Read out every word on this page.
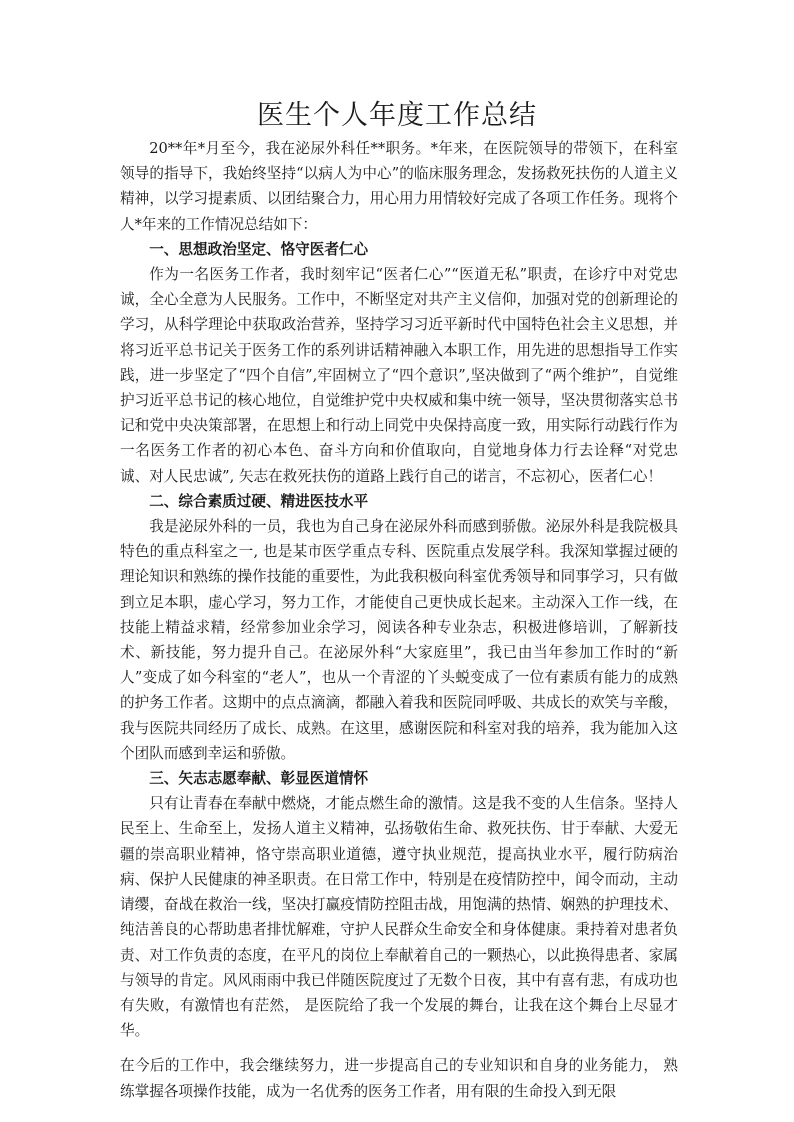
医生个人年度工作总结

20**年*月至今，我在泌尿外科任**职务。*年来，在医院领导的带领下，在科室领导的指导下，我始终坚持“以病人为中心”的临床服务理念，发扬救死扶伤的人道主义精神，以学习提素质、以团结聚合力，用心用力用情较好完成了各项工作任务。现将个人*年来的工作情况总结如下：

一、思想政治坚定、恪守医者仁心

作为一名医务工作者，我时刻牢记“医者仁心”“医道无私”职责，在诊疗中对党忠诚，全心全意为人民服务。工作中，不断坚定对共产主义信仰，加强对党的创新理论的学习，从科学理论中获取政治营养，坚持学习习近平新时代中国特色社会主义思想，并将习近平总书记关于医务工作的系列讲话精神融入本职工作，用先进的思想指导工作实践，进一步坚定了“四个自信”,牢固树立了“四个意识”,坚决做到了“两个维护”，自觉维护习近平总书记的核心地位，自觉维护党中央权威和集中统一领导，坚决贯彻落实总书记和党中央决策部署，在思想上和行动上同党中央保持高度一致，用实际行动践行作为一名医务工作者的初心本色、奋斗方向和价值取向，自觉地身体力行去诠释“对党忠诚、对人民忠诚”, 矢志在救死扶伤的道路上践行自己的诺言，不忘初心，医者仁心！

二、综合素质过硬、精进医技水平

我是泌尿外科的一员，我也为自己身在泌尿外科而感到骄傲。泌尿外科是我院极具特色的重点科室之一, 也是某市医学重点专科、医院重点发展学科。我深知掌握过硬的理论知识和熟练的操作技能的重要性，为此我积极向科室优秀领导和同事学习，只有做到立足本职，虚心学习，努力工作，才能使自己更快成长起来。主动深入工作一线，在技能上精益求精，经常参加业余学习，阅读各种专业杂志，积极进修培训，了解新技术、新技能，努力提升自己。在泌尿外科“大家庭里”，我已由当年参加工作时的“新人”变成了如今科室的“老人”，也从一个青涩的丫头蜕变成了一位有素质有能力的成熟的护务工作者。这期中的点点滴滴，都融入着我和医院同呼吸、共成长的欢笑与辛酸，我与医院共同经历了成长、成熟。在这里，感谢医院和科室对我的培养，我为能加入这个团队而感到幸运和骄傲。

三、矢志志愿奉献、彰显医道情怀

只有让青春在奉献中燃烧，才能点燃生命的激情。这是我不变的人生信条。坚持人民至上、生命至上，发扬人道主义精神，弘扬敬佑生命、救死扶伤、甘于奉献、大爱无疆的崇高职业精神，恪守崇高职业道德，遵守执业规范，提高执业水平，履行防病治病、保护人民健康的神圣职责。在日常工作中，特别是在疫情防控中，闻令而动，主动请缨，奋战在救治一线，坚决打赢疫情防控阻击战，用饱满的热情、娴熟的护理技术、纯洁善良的心帮助患者排忧解难，守护人民群众生命安全和身体健康。秉持着对患者负责、对工作负责的态度，在平凡的岗位上奉献着自己的一颗热心，以此换得患者、家属与领导的肯定。风风雨雨中我已伴随医院度过了无数个日夜，其中有喜有悲，有成功也有失败，有激情也有茫然， 是医院给了我一个发展的舞台，让我在这个舞台上尽显才华。

在今后的工作中，我会继续努力，进一步提高自己的专业知识和自身的业务能力， 熟练掌握各项操作技能，成为一名优秀的医务工作者，用有限的生命投入到无限
